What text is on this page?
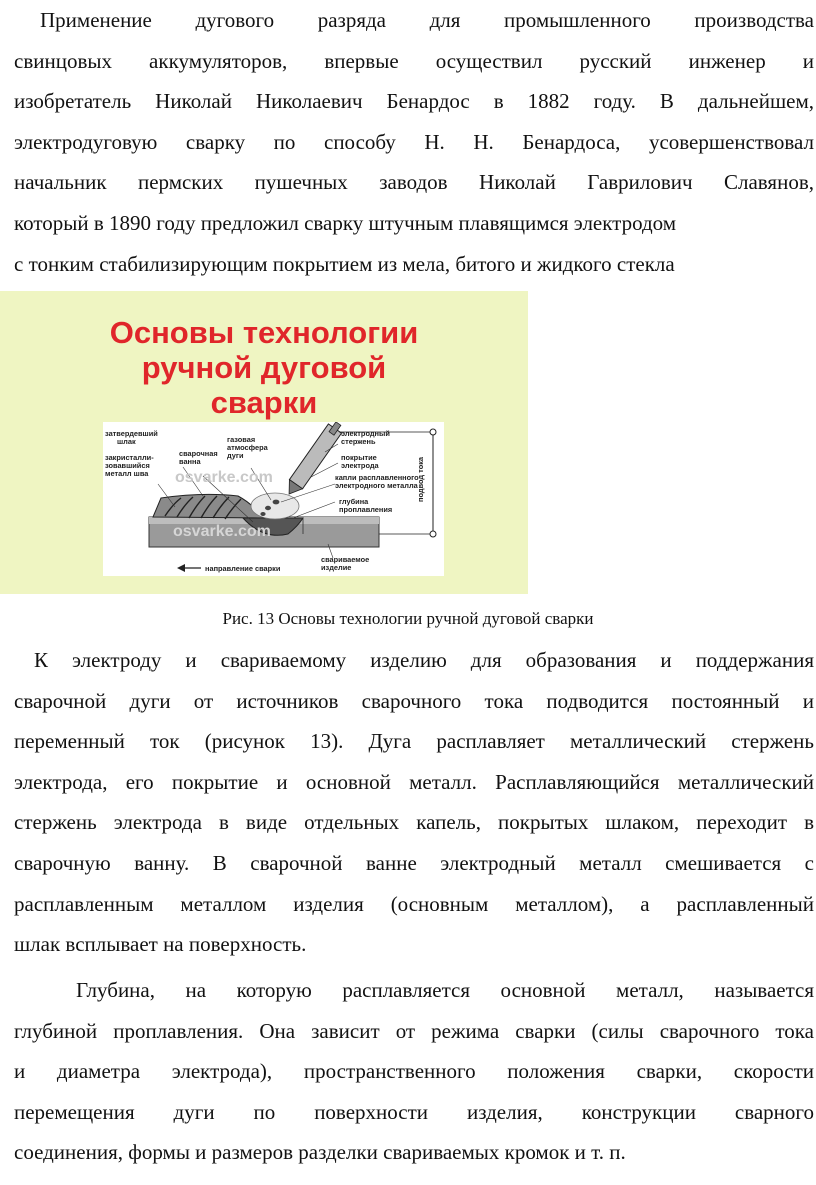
Применение дугового разряда для промышленного производства
свинцовых аккумуляторов, впервые осуществил русский инженер и
изобретатель Николай Николаевич Бенардос в 1882 году. В дальнейшем,
электродуговую сварку по способу Н. Н. Бенардоса, усовершенствовал
начальник пермских пушечных заводов Николай Гаврилович Славянов,
который в 1890 году предложил сварку штучным плавящимся электродом
с тонким стабилизирующим покрытием из мела, битого и жидкого стекла
Основы технологии
ручной дуговой
сварки
osvarke.com
osvarke.com
затвердевший шлак
закристалли- зовавшийся металл шва
сварочная ванна
газовая атмосфера дуги
электродный стержень
покрытие электрода
капли расплавленного электродного металла
глубина проплавления
подвод тока
направление сварки
свариваемое изделие
Рис. 13 Основы технологии ручной дуговой сварки
К электроду и свариваемому изделию для образования и поддержания
сварочной дуги от источников сварочного тока подводится постоянный и
переменный ток (рисунок 13). Дуга расплавляет металлический стержень
электрода, его покрытие и основной металл. Расплавляющийся металлический
стержень электрода в виде отдельных капель, покрытых шлаком, переходит в
сварочную ванну. В сварочной ванне электродный металл смешивается с
расплавленным металлом изделия (основным металлом), а расплавленный
шлак всплывает на поверхность.
Глубина, на которую расплавляется основной металл, называется
глубиной проплавления. Она зависит от режима сварки (силы сварочного тока
и диаметра электрода), пространственного положения сварки, скорости
перемещения дуги по поверхности изделия, конструкции сварного
соединения, формы и размеров разделки свариваемых кромок и т. п.
